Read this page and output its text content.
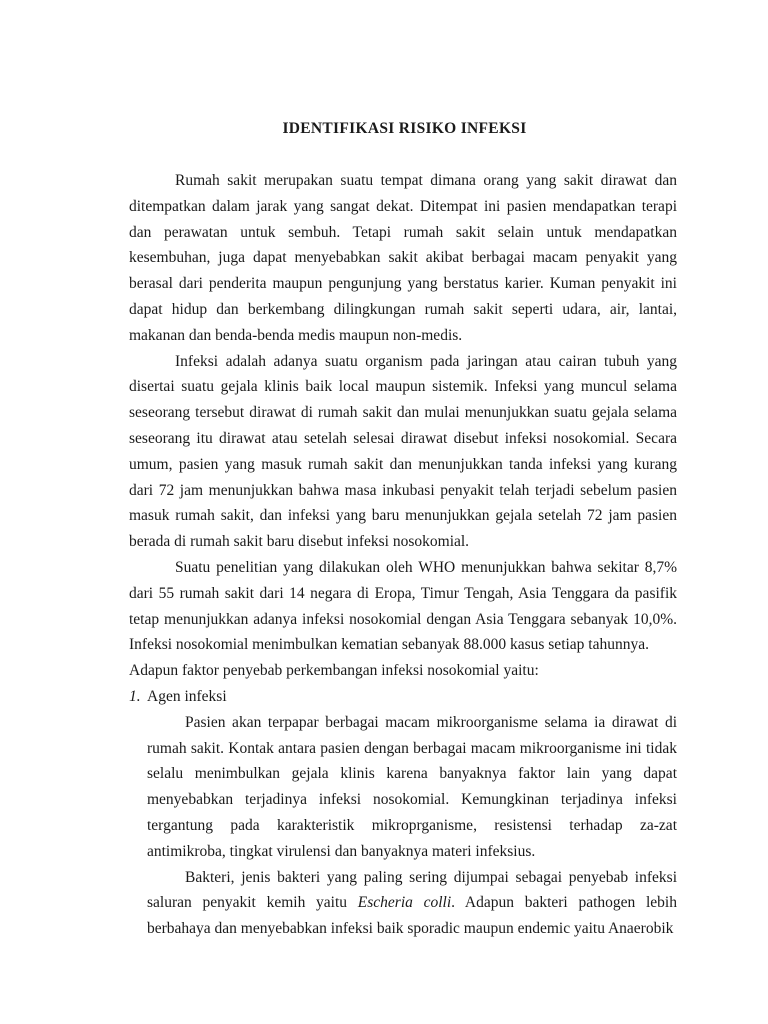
IDENTIFIKASI RISIKO INFEKSI

Rumah sakit merupakan suatu tempat dimana orang yang sakit dirawat dan ditempatkan dalam jarak yang sangat dekat. Ditempat ini pasien mendapatkan terapi dan perawatan untuk sembuh. Tetapi rumah sakit selain untuk mendapatkan kesembuhan, juga dapat menyebabkan sakit akibat berbagai macam penyakit yang berasal dari penderita maupun pengunjung yang berstatus karier. Kuman penyakit ini dapat hidup dan berkembang dilingkungan rumah sakit seperti udara, air, lantai, makanan dan benda-benda medis maupun non-medis.

Infeksi adalah adanya suatu organism pada jaringan atau cairan tubuh yang disertai suatu gejala klinis baik local maupun sistemik. Infeksi yang muncul selama seseorang tersebut dirawat di rumah sakit dan mulai menunjukkan suatu gejala selama seseorang itu dirawat atau setelah selesai dirawat disebut infeksi nosokomial. Secara umum, pasien yang masuk rumah sakit dan menunjukkan tanda infeksi yang kurang dari 72 jam menunjukkan bahwa masa inkubasi penyakit telah terjadi sebelum pasien masuk rumah sakit, dan infeksi yang baru menunjukkan gejala setelah 72 jam pasien berada di rumah sakit baru disebut infeksi nosokomial.

Suatu penelitian yang dilakukan oleh WHO menunjukkan bahwa sekitar 8,7% dari 55 rumah sakit dari 14 negara di Eropa, Timur Tengah, Asia Tenggara da pasifik tetap menunjukkan adanya infeksi nosokomial dengan Asia Tenggara sebanyak 10,0%. Infeksi nosokomial menimbulkan kematian sebanyak 88.000 kasus setiap tahunnya.

Adapun faktor penyebab perkembangan infeksi nosokomial yaitu:

1. Agen infeksi

Pasien akan terpapar berbagai macam mikroorganisme selama ia dirawat di rumah sakit. Kontak antara pasien dengan berbagai macam mikroorganisme ini tidak selalu menimbulkan gejala klinis karena banyaknya faktor lain yang dapat menyebabkan terjadinya infeksi nosokomial. Kemungkinan terjadinya infeksi tergantung pada karakteristik mikroprganisme, resistensi terhadap za-zat antimikroba, tingkat virulensi dan banyaknya materi infeksius.

Bakteri, jenis bakteri yang paling sering dijumpai sebagai penyebab infeksi saluran penyakit kemih yaitu Escheria colli. Adapun bakteri pathogen lebih berbahaya dan menyebabkan infeksi baik sporadic maupun endemic yaitu Anaerobik
